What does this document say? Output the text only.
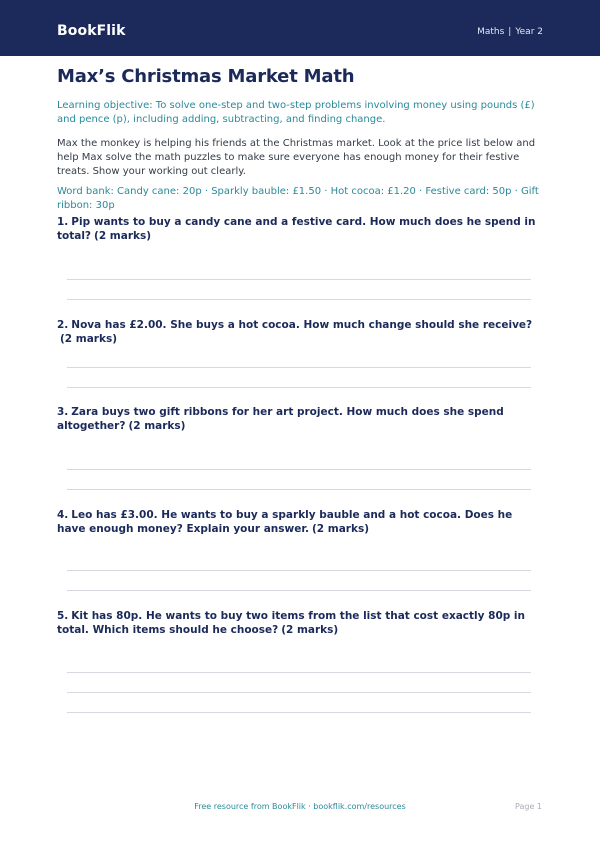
BookFlik	Maths | Year 2
Max’s Christmas Market Math

Learning objective: To solve one-step and two-step problems involving money using pounds (£) and pence (p), including adding, subtracting, and finding change.

Max the monkey is helping his friends at the Christmas market. Look at the price list below and help Max solve the math puzzles to make sure everyone has enough money for their festive treats. Show your working out clearly.

Word bank: Candy cane: 20p · Sparkly bauble: £1.50 · Hot cocoa: £1.20 · Festive card: 50p · Gift ribbon: 30p

1. Pip wants to buy a candy cane and a festive card. How much does he spend in total? (2 marks)

2. Nova has £2.00. She buys a hot cocoa. How much change should she receive?(2 marks)

3. Zara buys two gift ribbons for her art project. How much does she spend altogether? (2 marks)

4. Leo has £3.00. He wants to buy a sparkly bauble and a hot cocoa. Does he have enough money? Explain your answer. (2 marks)

5. Kit has 80p. He wants to buy two items from the list that cost exactly 80p in total. Which items should he choose? (2 marks)

Free resource from BookFlik · bookflik.com/resources	Page 1
